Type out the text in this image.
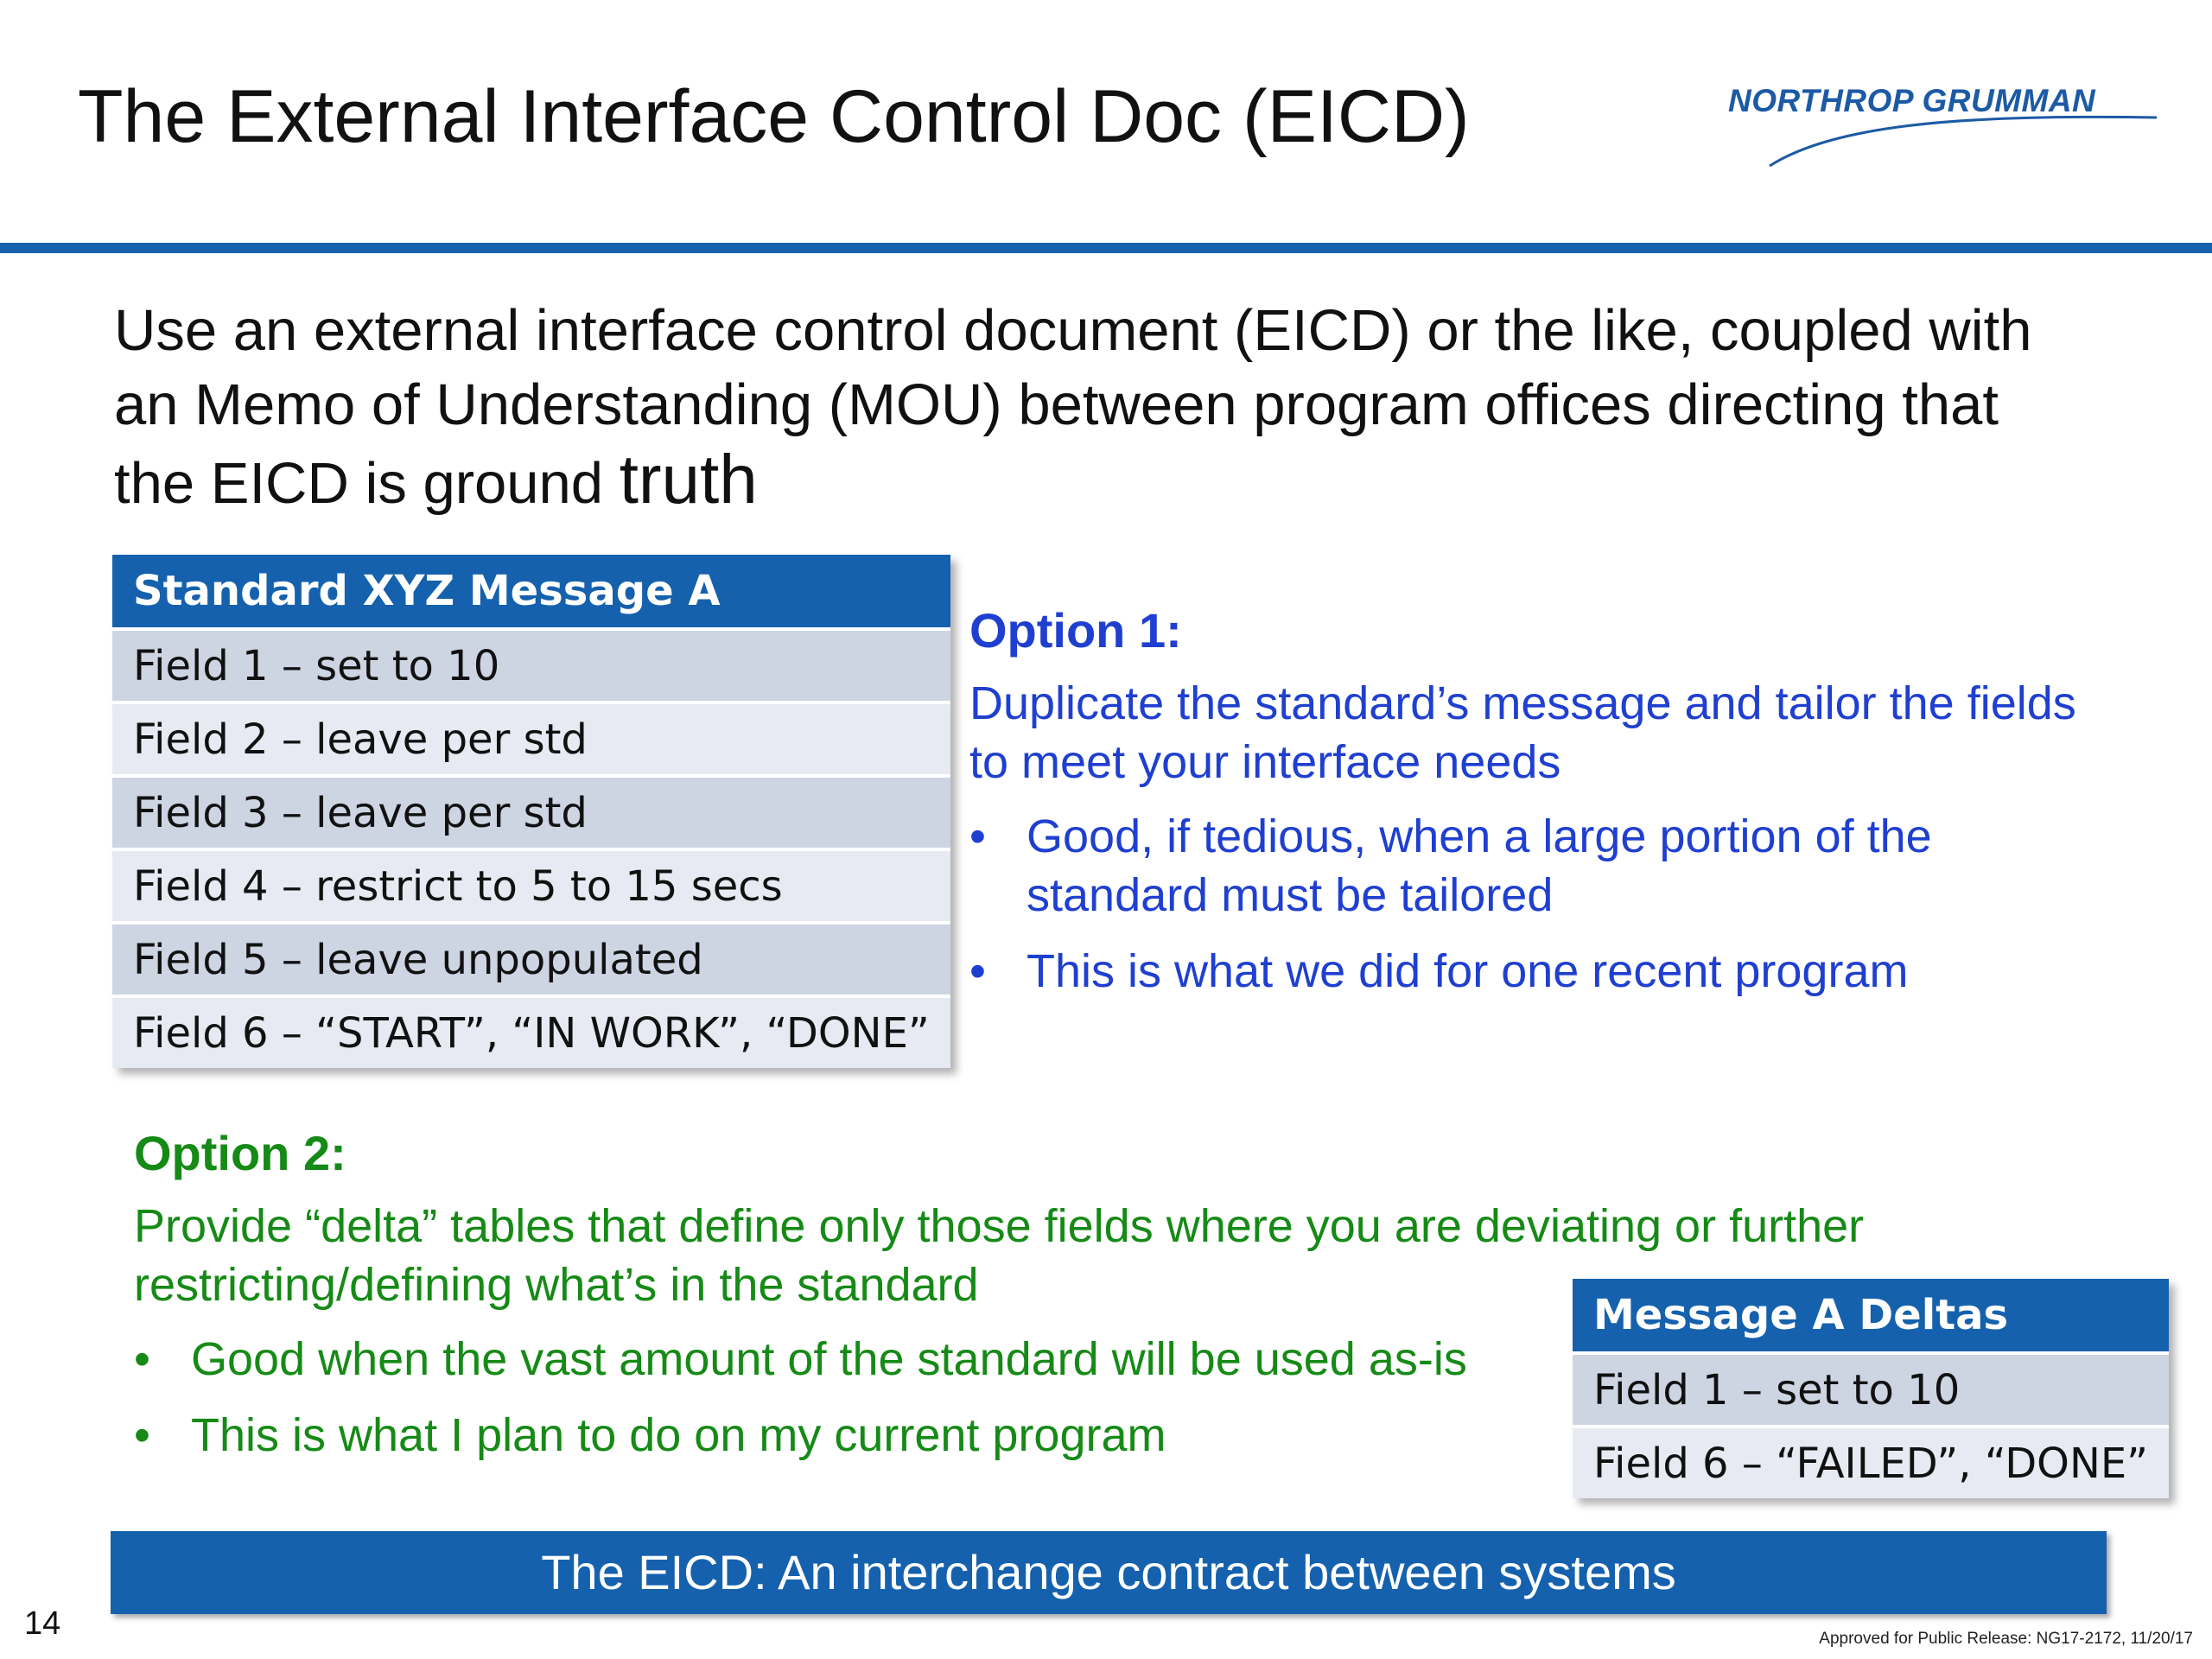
The External Interface Control Doc (EICD)	NORTHROP GRUMMAN
Use an external interface control document (EICD) or the like, coupled with
an Memo of Understanding (MOU) between program offices directing that
the EICD is ground truth
Standard XYZ Message A
Field 1 – set to 10
Field 2 – leave per std
Field 3 – leave per std
Field 4 – restrict to 5 to 15 secs
Field 5 – leave unpopulated
Field 6 – “START”, “IN WORK”, “DONE”
Option 1:
Duplicate the standard’s message and tailor the fields to meet your interface needs
• Good, if tedious, when a large portion of the standard must be tailored
• This is what we did for one recent program
Option 2:
Provide “delta” tables that define only those fields where you are deviating or further restricting/defining what’s in the standard
• Good when the vast amount of the standard will be used as-is
• This is what I plan to do on my current program
Message A Deltas
Field 1 – set to 10
Field 6 – “FAILED”, “DONE”
The EICD: An interchange contract between systems
14	Approved for Public Release: NG17-2172, 11/20/17
